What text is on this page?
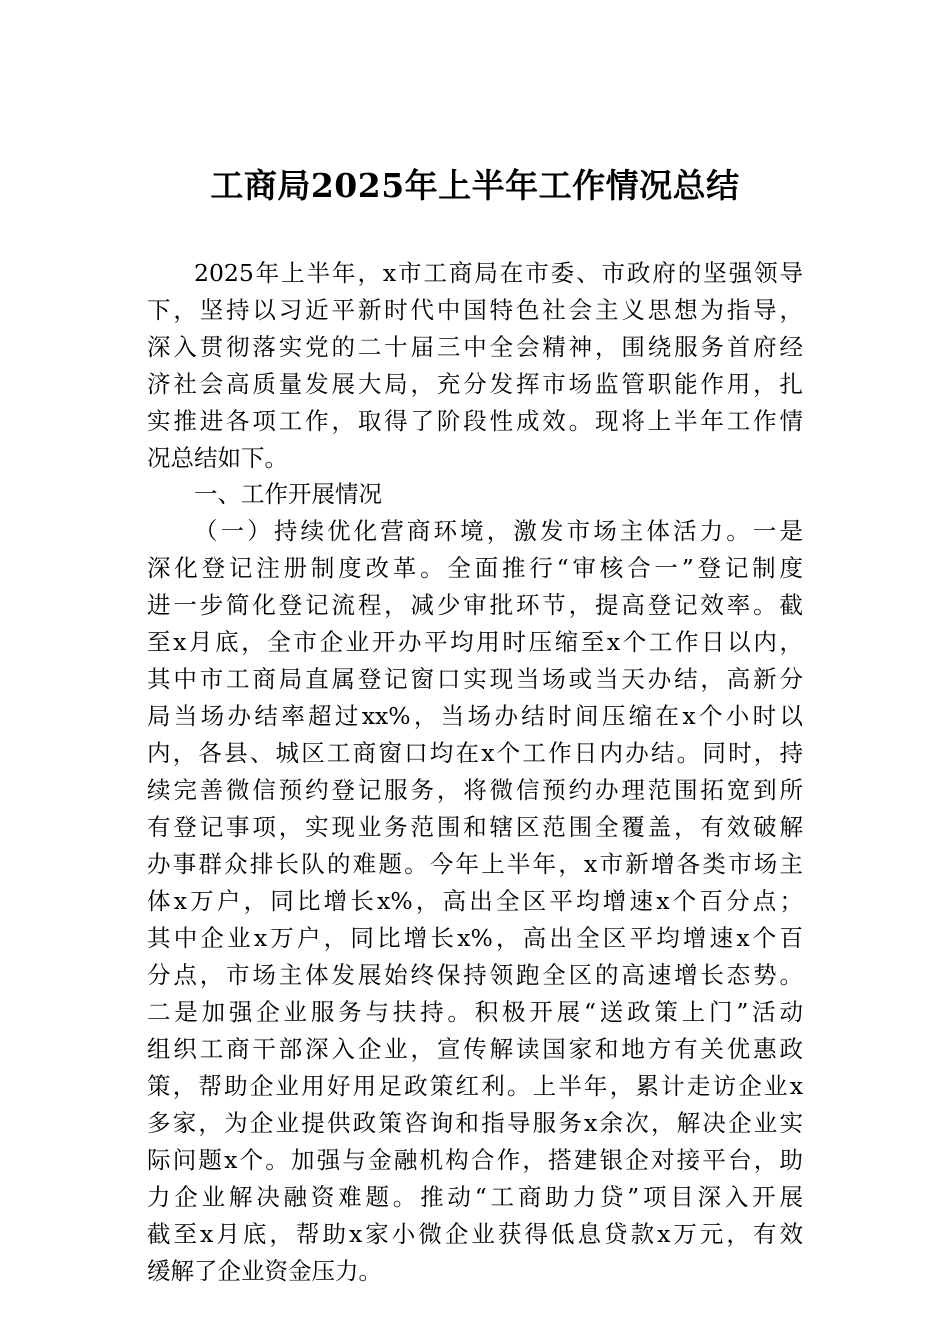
工商局2025年上半年工作情况总结
2025年上半年，x市工商局在市委、市政府的坚强领导
下，坚持以习近平新时代中国特色社会主义思想为指导，
深入贯彻落实党的二十届三中全会精神，围绕服务首府经
济社会高质量发展大局，充分发挥市场监管职能作用，扎
实推进各项工作，取得了阶段性成效。现将上半年工作情
况总结如下。
一、工作开展情况
（一）持续优化营商环境，激发市场主体活力。一是
深化登记注册制度改革。全面推行“审核合一”登记制度
进一步简化登记流程，减少审批环节，提高登记效率。截
至x月底，全市企业开办平均用时压缩至x个工作日以内，
其中市工商局直属登记窗口实现当场或当天办结，高新分
局当场办结率超过xx%，当场办结时间压缩在x个小时以
内，各县、城区工商窗口均在x个工作日内办结。同时，持
续完善微信预约登记服务，将微信预约办理范围拓宽到所
有登记事项，实现业务范围和辖区范围全覆盖，有效破解
办事群众排长队的难题。今年上半年，x市新增各类市场主
体x万户，同比增长x%，高出全区平均增速x个百分点；
其中企业x万户，同比增长x%，高出全区平均增速x个百
分点，市场主体发展始终保持领跑全区的高速增长态势。
二是加强企业服务与扶持。积极开展“送政策上门”活动
组织工商干部深入企业，宣传解读国家和地方有关优惠政
策，帮助企业用好用足政策红利。上半年，累计走访企业x
多家，为企业提供政策咨询和指导服务x余次，解决企业实
际问题x个。加强与金融机构合作，搭建银企对接平台，助
力企业解决融资难题。推动“工商助力贷”项目深入开展
截至x月底，帮助x家小微企业获得低息贷款x万元，有效
缓解了企业资金压力。
